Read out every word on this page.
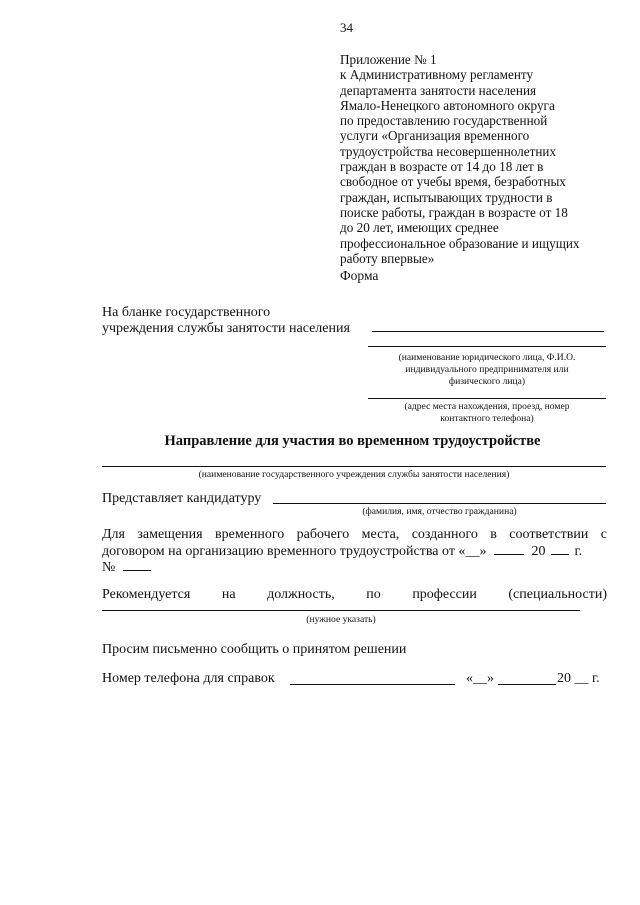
34
Приложение № 1
к Административному регламенту
департамента занятости населения
Ямало-Ненецкого автономного округа
по предоставлению государственной
услуги «Организация временного
трудоустройства несовершеннолетних
граждан в возрасте от 14 до 18 лет в
свободное от учебы время, безработных
граждан, испытывающих трудности в
поиске работы, граждан в возрасте от 18
до 20 лет, имеющих среднее
профессиональное образование и ищущих
работу впервые»
Форма
На бланке государственного
учреждения службы занятости населения
(наименование юридического лица, Ф.И.О.
индивидуального предпринимателя или
физического лица)
(адрес места нахождения, проезд, номер
контактного телефона)
Направление для участия во временном трудоустройстве
(наименование государственного учреждения службы занятости населения)
Представляет кандидатуру
(фамилия, имя, отчество гражданина)
Для замещения временного рабочего места, созданного в соответствии с
договором на организацию временного трудоустройства от «__»	20 г.
№
Рекомендуется на должность, по профессии (специальности)
(нужное указать)
Просим письменно сообщить о принятом решении
Номер телефона для справок	«__»	20 __ г.
